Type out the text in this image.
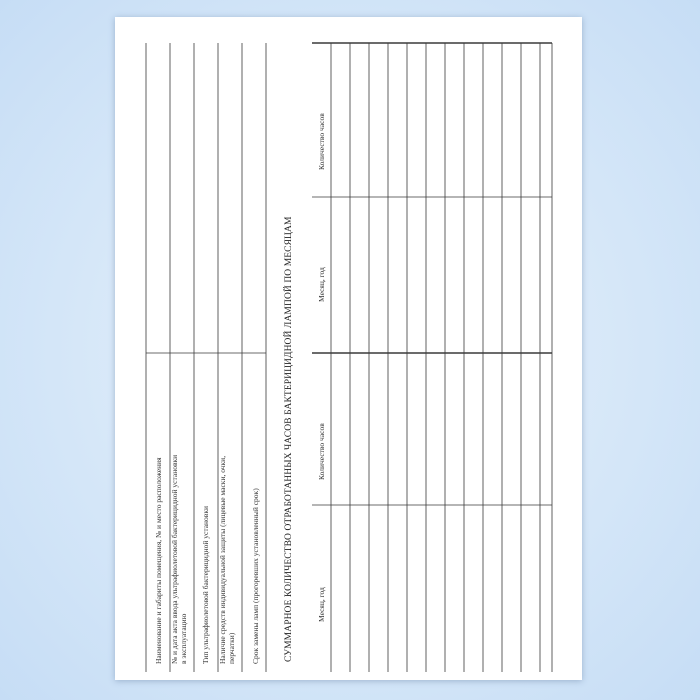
Наименование и габариты помещения, № и место расположения № и дата акта ввода ультрафиолетовой бактерицидной установки в эксплуатацию Тип ультрафиолетовой бактерицидной установки Наличие средств индивидуальной защиты (лицевые маски, очки, перчатки) Срок замены ламп (прогоревших установленный срок)	СУММАРНОЕ КОЛИЧЕСТВО ОТРАБОТАННЫХ ЧАСОВ БАКТЕРИЦИДНОЙ ЛАМПОЙ ПО МЕСЯЦАМ	Месяц, год
Количество часов
Месяц, год
Количество часов
